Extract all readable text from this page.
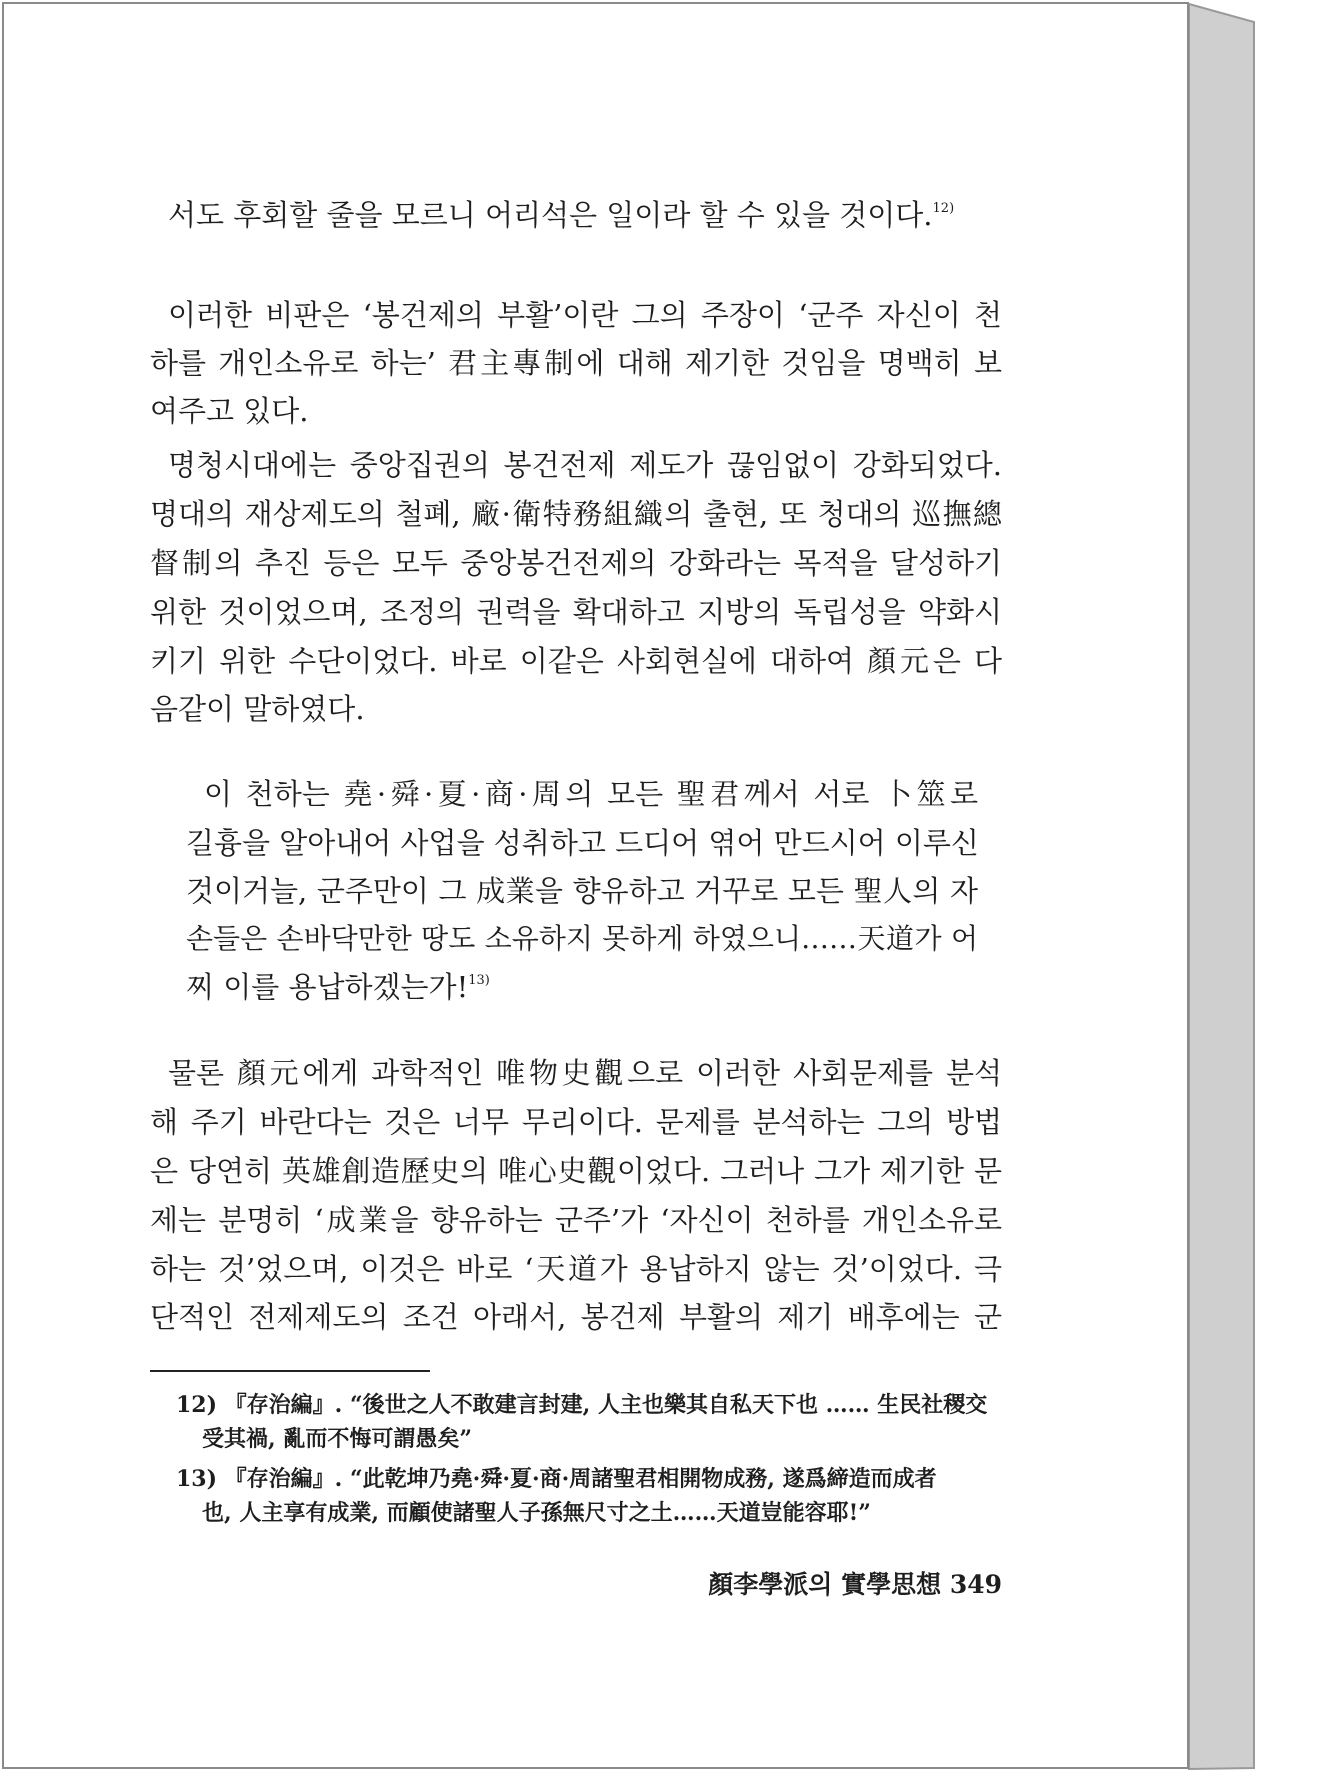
서도 후회할 줄을 모르니 어리석은 일이라 할 수 있을 것이다.$^{12)}$
이러한 비판은 ‘봉건제의 부활’이란 그의 주장이 ‘군주 자신이 천
하를 개인소유로 하는’ 君主專制에 대해 제기한 것임을 명백히 보
여주고 있다.
명청시대에는 중앙집권의 봉건전제 제도가 끊임없이 강화되었다.
명대의 재상제도의 철폐, 廠·衛特務組織의 출현, 또 청대의 巡撫總
督制의 추진 등은 모두 중앙봉건전제의 강화라는 목적을 달성하기
위한 것이었으며, 조정의 권력을 확대하고 지방의 독립성을 약화시
키기 위한 수단이었다. 바로 이같은 사회현실에 대하여 顏元은 다
음같이 말하였다.
이 천하는 堯·舜·夏·商·周의 모든 聖君께서 서로 卜筮로
길흉을 알아내어 사업을 성취하고 드디어 엮어 만드시어 이루신
것이거늘, 군주만이 그 成業을 향유하고 거꾸로 모든 聖人의 자
손들은 손바닥만한 땅도 소유하지 못하게 하였으니……天道가 어
찌 이를 용납하겠는가!$^{13)}$
물론 顏元에게 과학적인 唯物史觀으로 이러한 사회문제를 분석
해 주기 바란다는 것은 너무 무리이다. 문제를 분석하는 그의 방법
은 당연히 英雄創造歷史의 唯心史觀이었다. 그러나 그가 제기한 문
제는 분명히 ‘成業을 향유하는 군주’가 ‘자신이 천하를 개인소유로
하는 것’었으며, 이것은 바로 ‘天道가 용납하지 않는 것’이었다. 극
단적인 전제제도의 조건 아래서, 봉건제 부활의 제기 배후에는 군
12) 『存治編』. “後世之人不敢建言封建, 人主也樂其自私天下也 …… 生民社稷交
受其禍, 亂而不悔可謂愚矣”
13) 『存治編』. “此乾坤乃堯·舜·夏·商·周諸聖君相開物成務, 遂爲締造而成者
也, 人主享有成業, 而顧使諸聖人子孫無尺寸之土……天道豈能容耶!”
顏李學派의 實學思想 349
